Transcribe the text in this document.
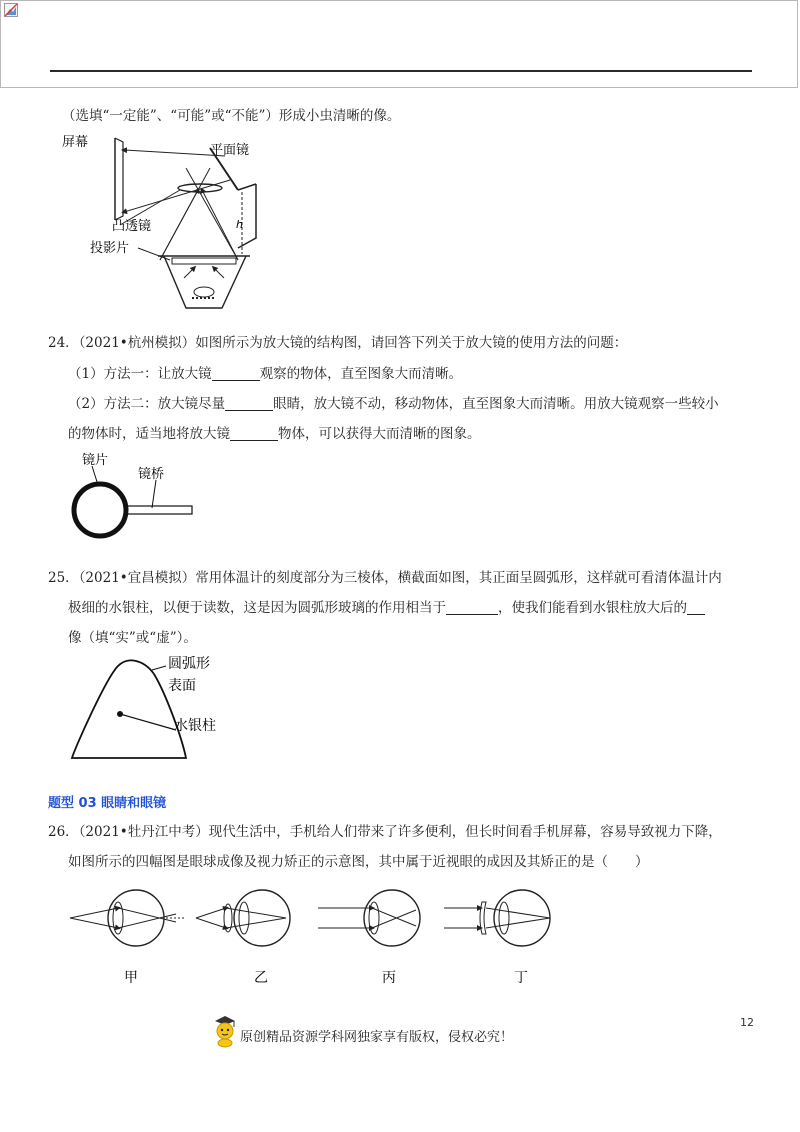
（选填“一定能”、“可能”或“不能”）形成小虫清晰的像。
h
屏幕
平面镜
凸透镜
投影片
24．（2021•杭州模拟）如图所示为放大镜的结构图，请回答下列关于放大镜的使用方法的问题：
（1）方法一：让放大镜	观察的物体，直至图象大而清晰。
（2）方法二：放大镜尽量	眼睛，放大镜不动，移动物体，直至图象大而清晰。用放大镜观察一些较小
的物体时，适当地将放大镜	物体，可以获得大而清晰的图象。
镜片
镜桥
25．（2021•宜昌模拟）常用体温计的刻度部分为三棱体，横截面如图，其正面呈圆弧形，这样就可看清体温计内
极细的水银柱，以便于读数，这是因为圆弧形玻璃的作用相当于	，使我们能看到水银柱放大后的
像（填“实”或“虚”）。
圆弧形
表面
水银柱
题型 03 眼睛和眼镜
26．（2021•牡丹江中考）现代生活中，手机给人们带来了许多便利，但长时间看手机屏幕，容易导致视力下降，
如图所示的四幅图是眼球成像及视力矫正的示意图，其中属于近视眼的成因及其矫正的是（　　）
甲	乙	丙	丁
原创精品资源学科网独家享有版权，侵权必究！
12
